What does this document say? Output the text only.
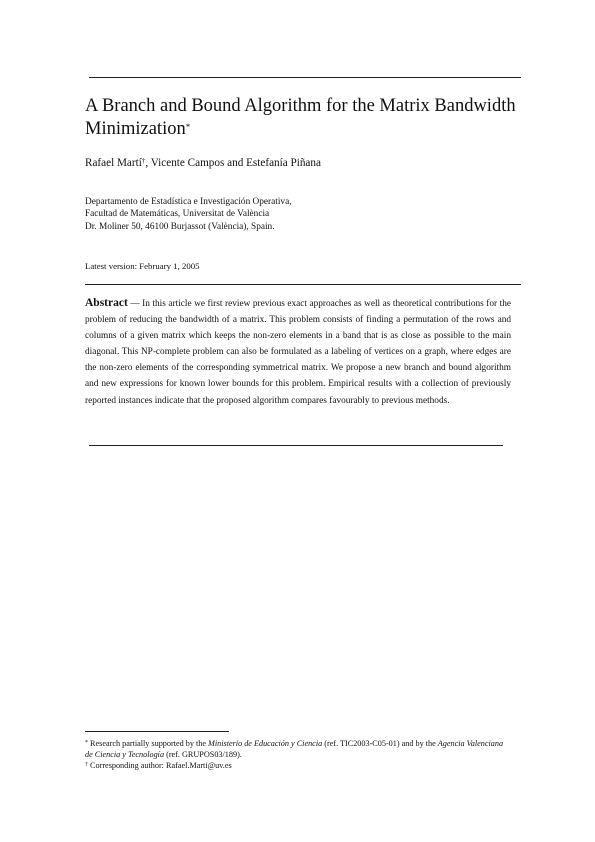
A Branch and Bound Algorithm for the Matrix Bandwidth
Minimization*
Rafael Martí†, Vicente Campos and Estefanía Piñana
Departamento de Estadística e Investigación Operativa,
Facultad de Matemáticas, Universitat de València
Dr. Moliner 50, 46100 Burjassot (València), Spain.
Latest version: February 1, 2005

Abstract — In this article we first review previous exact approaches as well as theoretical contributions for the problem of reducing the bandwidth of a matrix. This problem consists of finding a permutation of the rows and columns of a given matrix which keeps the non-zero elements in a band that is as close as possible to the main diagonal. This NP-complete problem can also be formulated as a labeling of vertices on a graph, where edges are the non-zero elements of the corresponding symmetrical matrix. We propose a new branch and bound algorithm and new expressions for known lower bounds for this problem. Empirical results with a collection of previously reported instances indicate that the proposed algorithm compares favourably to previous methods.

* Research partially supported by the Ministerio de Educación y Ciencia (ref. TIC2003-C05-01) and by the Agencia Valenciana de Ciencia y Tecnología (ref. GRUPOS03/189).

† Corresponding author: Rafael.Marti@uv.es
